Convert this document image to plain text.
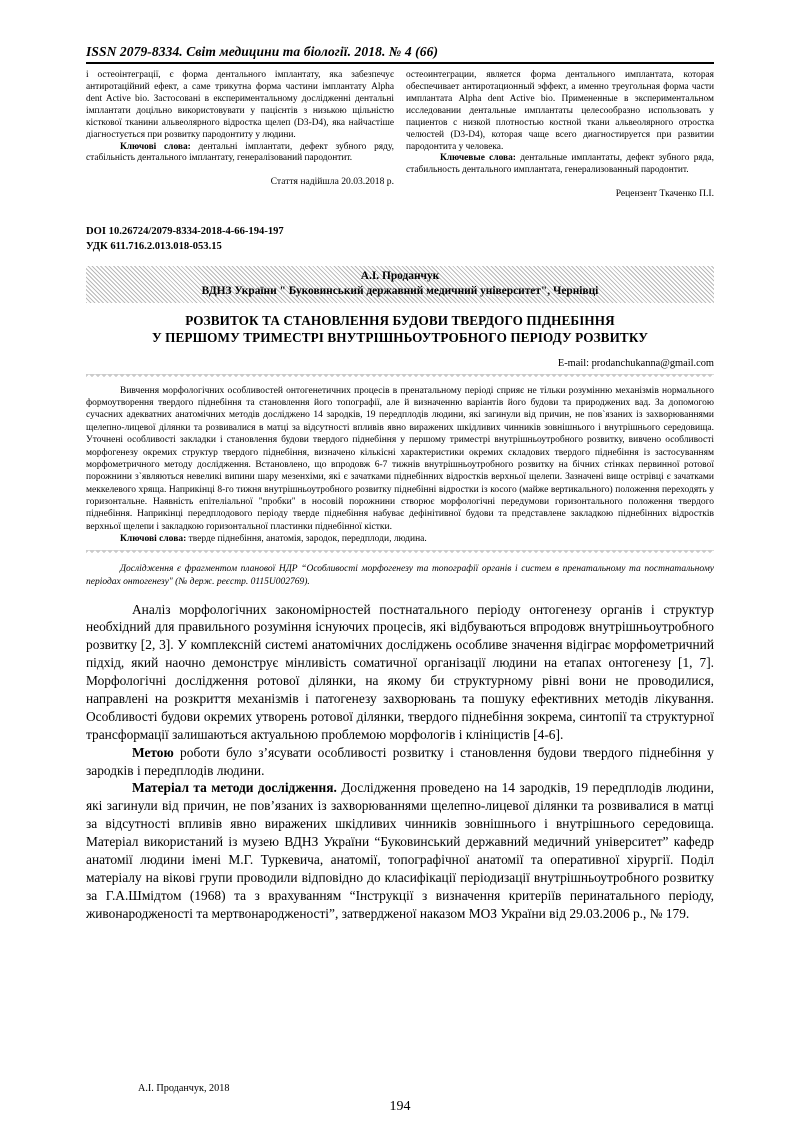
ISSN 2079-8334. Світ медицини та біології. 2018. № 4 (66)

і остеоінтеграції, є форма дентального імплантату, яка забезпечує антиротаційний ефект, а саме трикутна форма частини імплантату Alpha dent Active bio. Застосовані в експериментальному дослідженні дентальні імплантати доцільно використовувати у пацієнтів з низькою щільністю кісткової тканини альвеолярного відростка щелеп (D3-D4), яка найчастіше діагностується при розвитку пародонтиту у людини.

Ключові слова: дентальні імплантати, дефект зубного ряду, стабільність дентального імплантату, генералізований пародонтит.

Стаття надійшла 20.03.2018 р.

остеоинтеграции, является форма дентального имплантата, которая обеспечивает антиротационный эффект, а именно треугольная форма части имплантата Alpha dent Active bio. Примененные в экспериментальном исследовании дентальные имплантаты целесообразно использовать у пациентов с низкой плотностью костной ткани альвеолярного отростка челюстей (D3-D4), которая чаще всего диагностируется при развитии пародонтита у человека.

Ключевые слова: дентальные имплантаты, дефект зубного ряда, стабильность дентального имплантата, генерализованный пародонтит.

Рецензент Ткаченко П.І.
DOI 10.26724/2079-8334-2018-4-66-194-197
УДК 611.716.2.013.018-053.15
А.І. Проданчук
ВДНЗ України " Буковинський державний медичний університет", Чернівці
РОЗВИТОК ТА СТАНОВЛЕННЯ БУДОВИ ТВЕРДОГО ПІДНЕБІННЯ
У ПЕРШОМУ ТРИМЕСТРІ ВНУТРІШНЬОУТРОБНОГО ПЕРІОДУ РОЗВИТКУ
E-mail: prodanchukanna@gmail.com

Вивчення морфологічних особливостей онтогенетичних процесів в пренатальному періоді сприяє не тільки розумінню механізмів нормального формоутворення твердого піднебіння та становлення його топографії, але й визначенню варіантів його будови та природжених вад. За допомогою сучасних адекватних анатомічних методів досліджено 14 зародків, 19 передплодів людини, які загинули від причин, не пов`язаних із захворюваннями щелепно-лицевої ділянки та розвивалися в матці за відсутності впливів явно виражених шкідливих чинників зовнішнього і внутрішнього середовища. Уточнені особливості закладки і становлення будови твердого піднебіння у першому триместрі внутрішньоутробного розвитку, вивчено особливості морфогенезу окремих структур твердого піднебіння, визначено кількісні характеристики окремих складових твердого піднебіння із застосуванням морфометричного методу дослідження. Встановлено, що впродовж 6-7 тижнів внутрішньоутробного розвитку на бічних стінках первинної ротової порожнини з`являються невеликі випини шару мезенхіми, які є зачатками піднебінних відростків верхньої щелепи. Зазначені вище острівці є зачатками меккелевого хряща. Наприкінці 8-го тижня внутрішньоутробного розвитку піднебінні відростки із косого (майже вертикального) положення переходять у горизонтальне. Наявність епітеліальної "пробки" в носовій порожнини створює морфологічні передумови горизонтального положення твердого піднебіння. Наприкінці передплодового періоду тверде піднебіння набуває дефінітивної будови та представлене закладкою піднебінних відростків верхньої щелепи і закладкою горизонтальної пластинки піднебінної кістки.

Ключові слова: тверде піднебіння, анатомія, зародок, передплоди, людина.

Дослідження є фрагментом планової НДР “Особливості морфогенезу та топографії органів і систем в пренатальному та постнатальному періодах онтогенезу" (№ держ. реєстр. 0115U002769).

Аналіз морфологічних закономірностей постнатального періоду онтогенезу органів і структур необхідний для правильного розуміння існуючих процесів, які відбуваються впродовж внутрішньоутробного розвитку [2, 3]. У комплексній системі анатомічних досліджень особливе значення відіграє морфометричний підхід, який наочно демонструє мінливість соматичної організації людини на етапах онтогенезу [1, 7]. Морфологічні дослідження ротової ділянки, на якому би структурному рівні вони не проводилися, направлені на розкриття механізмів і патогенезу захворювань та пошуку ефективних методів лікування. Особливості будови окремих утворень ротової ділянки, твердого піднебіння зокрема, синтопії та структурної трансформації залишаються актуальною проблемою морфологів і клініцистів [4-6].

Метою роботи було з’ясувати особливості розвитку і становлення будови твердого піднебіння у зародків і передплодів людини.

Матеріал та методи дослідження. Дослідження проведено на 14 зародків, 19 передплодів людини, які загинули від причин, не пов’язаних із захворюваннями щелепно-лицевої ділянки та розвивалися в матці за відсутності впливів явно виражених шкідливих чинників зовнішнього і внутрішнього середовища. Матеріал використаний із музею ВДНЗ України “Буковинський державний медичний університет” кафедр анатомії людини імені М.Г. Туркевича, анатомії, топографічної анатомії та оперативної хірургії. Поділ матеріалу на вікові групи проводили відповідно до класифікації періодизації внутрішньоутробного розвитку за Г.А.Шмідтом (1968) та з врахуванням “Інструкції з визначення критеріїв перинатального періоду, живонародженості та мертвонародженості”, затвердженої наказом МОЗ України від 29.03.2006 р., № 179.

А.І. Проданчук, 2018
194
